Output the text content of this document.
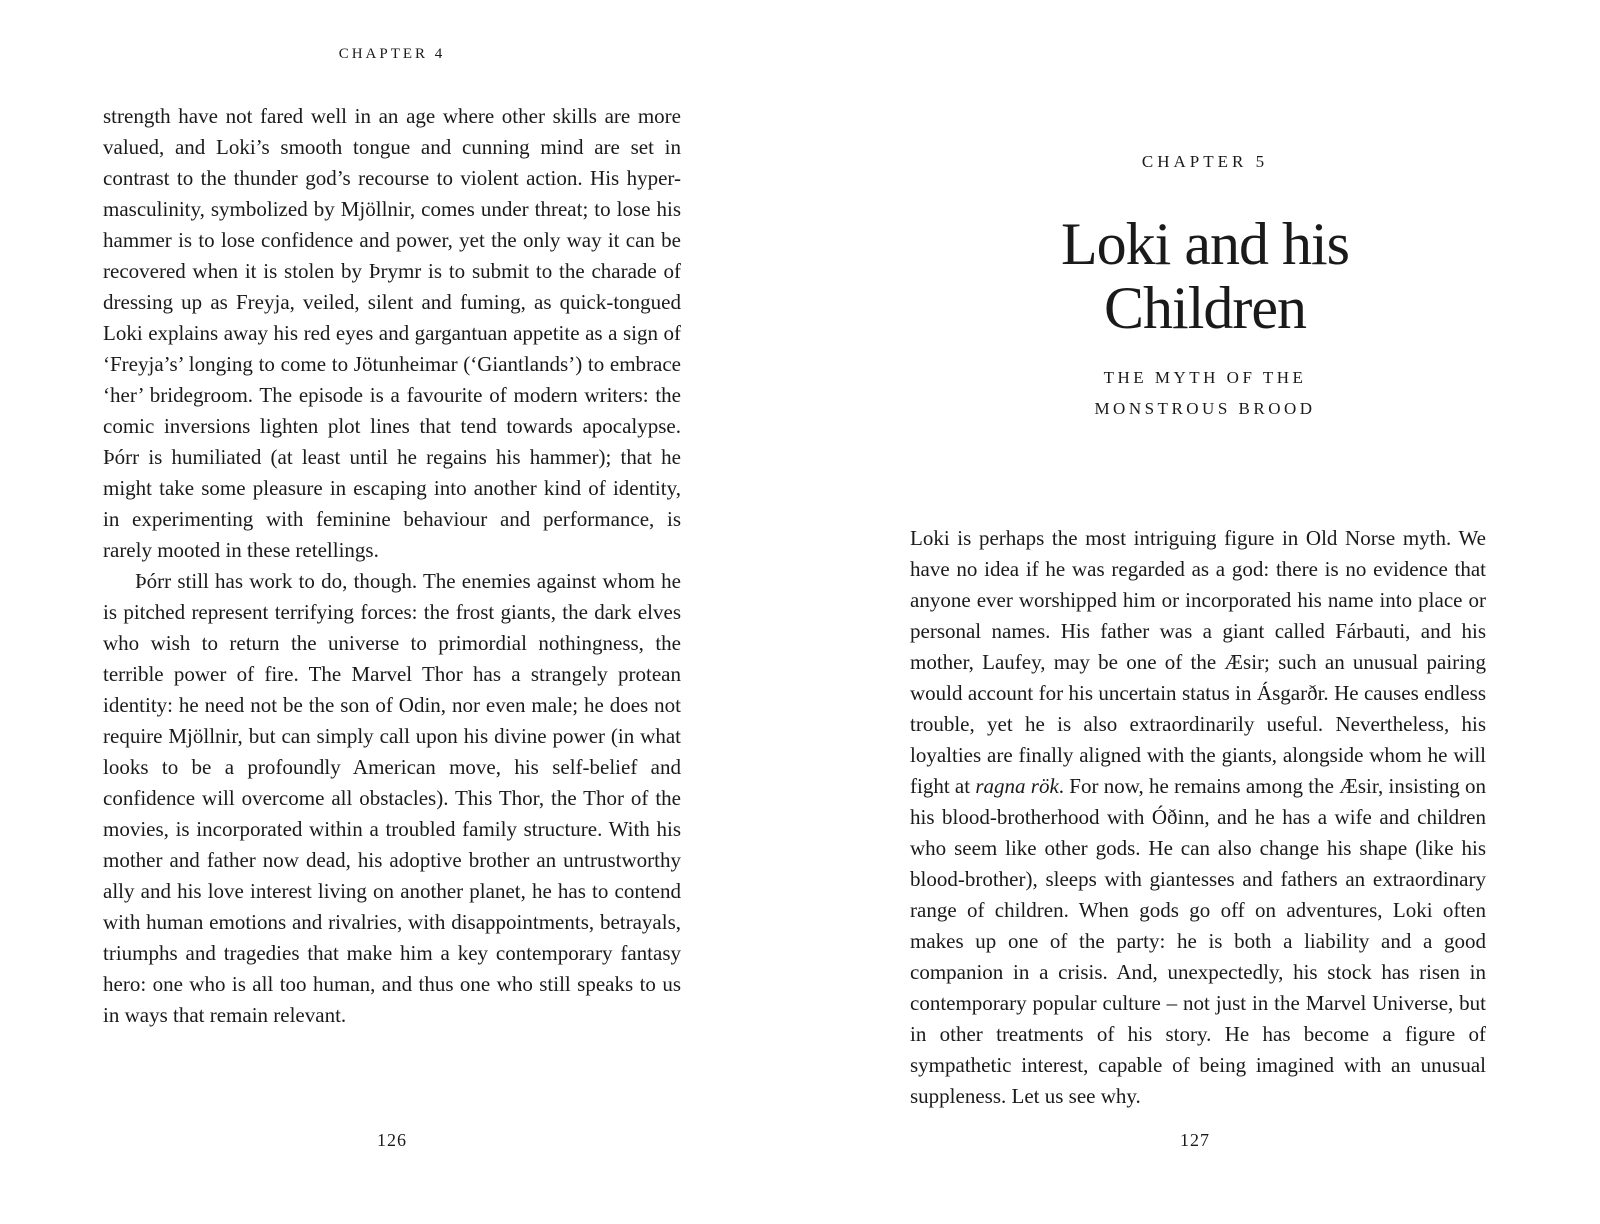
CHAPTER 4

strength have not fared well in an age where other skills are more valued, and Loki’s smooth tongue and cunning mind are set in contrast to the thunder god’s recourse to violent action. His hyper-masculinity, symbolized by Mjöllnir, comes under threat; to lose his hammer is to lose confidence and power, yet the only way it can be recovered when it is stolen by Þrymr is to submit to the charade of dressing up as Freyja, veiled, silent and fuming, as quick-tongued Loki explains away his red eyes and gargantuan appetite as a sign of ‘Freyja’s’ longing to come to Jötunheimar (‘Giantlands’) to embrace ‘her’ bridegroom. The episode is a favourite of modern writers: the comic inversions lighten plot lines that tend towards apocalypse. Þórr is humiliated (at least until he regains his hammer); that he might take some pleasure in escaping into another kind of identity, in experimenting with feminine behaviour and performance, is rarely mooted in these retellings.

Þórr still has work to do, though. The enemies against whom he is pitched represent terrifying forces: the frost giants, the dark elves who wish to return the universe to primordial nothingness, the terrible power of fire. The Marvel Thor has a strangely protean identity: he need not be the son of Odin, nor even male; he does not require Mjöllnir, but can simply call upon his divine power (in what looks to be a profoundly American move, his self-belief and confidence will overcome all obstacles). This Thor, the Thor of the movies, is incorporated within a troubled family structure. With his mother and father now dead, his adoptive brother an untrustworthy ally and his love interest living on another planet, he has to contend with human emotions and rivalries, with disappointments, betrayals, triumphs and tragedies that make him a key contemporary fantasy hero: one who is all too human, and thus one who still speaks to us in ways that remain relevant.

126
CHAPTER 5
Loki and his
Children
THE MYTH OF THE
MONSTROUS BROOD

Loki is perhaps the most intriguing figure in Old Norse myth. We have no idea if he was regarded as a god: there is no evidence that anyone ever worshipped him or incorporated his name into place or personal names. His father was a giant called Fárbauti, and his mother, Laufey, may be one of the Æsir; such an unusual pairing would account for his uncertain status in Ásgarðr. He causes endless trouble, yet he is also extraordinarily useful. Nevertheless, his loyalties are finally aligned with the giants, alongside whom he will fight at ragna rök. For now, he remains among the Æsir, insisting on his blood-brotherhood with Óðinn, and he has a wife and children who seem like other gods. He can also change his shape (like his blood-brother), sleeps with giantesses and fathers an extraordinary range of children. When gods go off on adventures, Loki often makes up one of the party: he is both a liability and a good companion in a crisis. And, unexpectedly, his stock has risen in contemporary popular culture – not just in the Marvel Universe, but in other treatments of his story. He has become a figure of sympathetic interest, capable of being imagined with an unusual suppleness. Let us see why.

127
